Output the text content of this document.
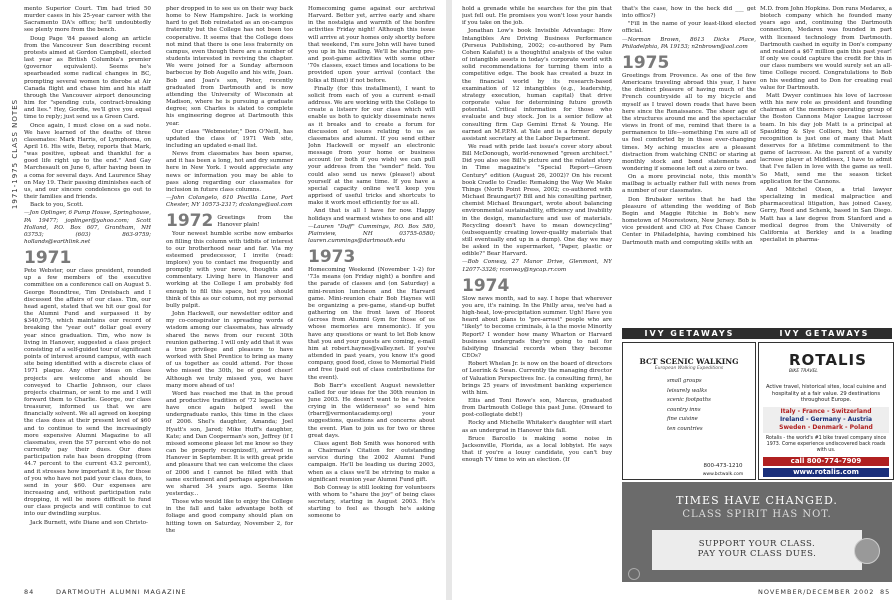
1971-1975 CLASS NOTES

mento Superior Court. Tim had tried 50 murder cases in his 25-year career with the Sacramento DA's office; he'll undoubtedly see plenty more from the bench.

Doug Page '84 passed along an article from the Vancouver Sun describing recent protests aimed at Gordon Campbell, elected last year as British Columbia's premier (governor equivalent). Seems he's spearheaded some radical changes in BC, prompting several women to disrobe at Air Canada flight and chase him and his staff through the Vancouver airport denouncing him for "spending cuts, contract-breaking and lies." Hey, Gordie, we'll give you equal time to reply; just send us a Green Card.

Once again, I must close on a sad note. We have learned of the deaths of three classmates: Mark Harris, of Lymphoma, on April 16. His wife, Betsy, reports that Mark, "was positive, upbeat and thankful for a good life right up to the end." And Gay Marchesault on June 6, after having been in a coma for several days. And Laurence Shay on May 19. Their passing diminishes each of us, and our sincere condolences go out to their families and friends.

Back to you, Scott.

—Jon Oplinger, 6 Pump House, Springhouse, PA 19477; joplinger@yahoo.com; Scott Holland, P.O. Box 607, Grantham, NH 03753; (603) 863-9759; hollands@earthlink.net

1971

Pete Webster, our class president, rounded up a few members of the executive committee on a conference call on August 5. George Roundtree, Tim Dreisbach and I discussed the affairs of our class. Tim, our head agent, stated that we hit our goal for the Alumni Fund and surpassed it by $340,075, which maintains our record of breaking the "year out" dollar goal every year since graduation. Tim, who now is living in Hanover, suggested a class project consisting of a self-guided tour of significant points of interest around campus, with each site being identified with a discrete class of 1971 plaque. Any other ideas on class projects are welcome and should be conveyed to Charlie Johnson, our class projects chairman, or sent to me and I will forward them to Charlie. George, our class treasurer, informed us that we are financially solvent. We all agreed on keeping the class dues at their present level of $60 and to continue to send the increasingly more expensive Alumni Magazine to all classmates, even the 57 percent who do not currently pay their dues. Our dues participation rate has been dropping (from 44.7 percent to the current 43.2 percent), and it stresses how important it is, for those of you who have not paid your class dues, to send in your $60. Our expenses are increasing and, without participation rate dropping, it will be more difficult to fund our class projects and will continue to cut into our dwindling surplus.

Jack Burnett, wife Diane and son Christo-

pher dropped in to see us on their way back home to New Hampshire. Jack is working hard to get Bob reinstated as an on-campus fraternity but the College has not been too cooperative. It seems that the College does not mind that there is one less fraternity on campus, even though there are a number of students interested in reviving the chapter. We were joined for a Sunday afternoon barbecue by Bob Augello and his wife, Joan. Bob and Joan's son, Peter, recently graduated from Dartmouth and is now attending the University of Wisconsin at Madison, where he is pursuing a graduate degree; son Charles is slated to complete his engineering degree at Dartmouth this year.

Our class "Webmeister," Don O'Neill, has updated the class of 1971 Web site, including an updated e-mail list.

News from classmates has been sparse, and it has been a long, hot and dry summer here in New York. I would appreciate any news or information you may be able to pass along regarding our classmates for inclusion in future class columns.

—John Colangelo, 610 Piscilla Lane, Port Chester, NY 10573-2317; dcolange@aol.com

1972 Greetings from the Hanover plain!

Your newest humble scribe now embarks on filling this column with tidbits of interest to our brotherhood near and far. Via my esteemed predecessor, I invite (read: implore) you to contact me frequently and promptly with your news, thoughts and commentary. Living here in Hanover and working at the College I am probably fed enough to fill this space, but you should think of this as our column, not my personal bully pulpit.

John Hackwell, our newsletter editor and my co-conspirator in spreading words of wisdom among our classmates, has already shared the news from our recent 30th reunion gathering. I will only add that it was a true privilege and pleasure to have worked with Shel Prentice to bring as many of us together as could attend. For those who missed the 30th, be of good cheer! Although we truly missed you, we have many more ahead of us!

Word has reached me that in the proud and productive tradition of '72 legacies we have once again helped swell the undergraduate ranks, this time in the class of 2006. Shel's daughter, Amanda; Joel Hyatt's son, Jared; Mike Huff's daughter, Kate; and Dan Cooperman's son, Jeffrey (if I missed someone please let me know so they can be properly recognized!), arrived in Hanover in September. It is with great pride and pleasure that we can welcome the class of 2006 and I cannot be filled with that same excitement and perhaps apprehension we shared 34 years ago. Seems like yesterday...

Those who would like to enjoy the College in the fall and take advantage both of foliage and good company should plan on hitting town on Saturday, November 2, for the

Homecoming game against our archrival Harvard. Better yet, arrive early and share in the nostalgia and warmth of the bonfire activities Friday night! Although this issue will arrive at your homes only shortly before that weekend, I'm sure John will have tuned you up in his mailing. We'll be sharing pre- and post-game activities with some other '70s classes, exact times and locations to be provided upon your arrival (contact the folks at Blunt) if not before.

Finally (for this installment), I want to solicit from each of you a current e-mail address. We are working with the College to create a listserv for our class which will enable us both to quickly disseminate news as it breaks and to create a forum for discussion of issues relating to us as classmates and alumni. If you send either John Hackwell or myself an electronic message from your home or business account (or both if you wish) we can pull your address from the "sender" field. You could also send us news (please!) about yourself at the same time. If you have a special capacity online we'll keep you apprised of useful tricks and shortcuts to make it work most efficiently for us all.

And that is all I have for now. Happy holidays and warmest wishes to one and all!

—Lauren "Duff" Cummings, P.O. Box 580, Plainview, NH 03755-0580; lauren.cummings@dartmouth.edu

1973

Homecoming Weekend (November 1-2) for '73s means (on Friday night) a bonfire and the parade of classes and (on Saturday) a mini-reunion luncheon and the Harvard game. Mini-reunion chair Bob Haynes will be organizing a pre-game, stand-up buffet gathering on the front lawn of Heorot (across from Alumni Gym for those of us whose memories are mnemonic). If you have any questions or want to let Bob know that you and your guests are coming, e-mail him at robert.haynes@valley.net. If you've attended in past years, you know it's good company, good food, close to Memorial Field and free (paid out of class contributions for the event).

Bob Barr's excellent August newsletter called for our ideas for the 30th reunion in June 2003. He doesn't want to be a "voice crying in the wilderness" so send him (rbarr@vermontacademy.org) your suggestions, questions and concerns about the event. Plan to join us for two or three great days.

Class agent Bob Smith was honored with a Chairman's Citation for outstanding service during the 2002 Alumni Fund campaign. He'll be leading us during 2003, when as a class we'll be striving to make a significant reunion year Alumni Fund gift.

Bob Conway is still looking for volunteers with whom to "share the joy" of being class secretary, starting in August 2003. He's starting to feel as though he's asking someone to

84	DARTMOUTH ALUMNI MAGAZINE

hold a grenade while he searches for the pin that just fell out. He promises you won't lose your hands if you take on the job.

Jonathan Low's book Invisible Advantage: How Intangibles Are Driving Business Performance (Perseus Publishing, 2002; co-authored by Pam Cohen Kalafut) is a thoughtful analysis of the value of intangible assets in today's corporate world with solid recommendations for turning them into a competitive edge. The book has created a buzz in the financial world by its research-based examination of 12 intangibles (e.g., leadership, strategy execution, human capital) that drive corporate value for determining future growth potential. Critical information for those who evaluate and buy stock. Jon is a senior fellow at consulting firm Cap Gemini Ernst & Young. He earned an M.P.P.M. at Yale and is a former deputy assistant secretary at the Labor Department.

We read with pride last issue's cover story about Bill McDonough, world-renowned "green architect." Did you also see Bill's picture and the related story in Time magazine's "Special Report—Green Century" edition (August 26, 2002)? On his recent book Cradle to Cradle: Remaking the Way We Make Things (North Point Press, 2002; co-authored with Michael Braungart)? Bill and his consulting partner, chemist Michael Braungart, wrote about balancing environmental sustainability, efficiency and livability in the design, manufacture and use of materials. Recycling doesn't have to mean downcycling" (subsequently creating lower-quality materials that still eventually end up in a dump). One day we may be asked in the supermarket, "Paper, plastic or edible?" Bear Harvard.

—Bob Conway, 27 Manor Drive, Glenmont, NY 12077-3326; rconway@nycap.rr.com

1974

Slow news month, sad to say. I hope that wherever you are, it's raining. In the Philly area, we've had a high-heat, low-precipitation summer. Ugh! Have you heard about plans to "pre-arrest" people who are "likely" to become criminals, à la the movie Minority Report? I wonder how many Wharton or Harvard business undergrads they're going to nail for falsifying financial records when they become CEOs?

Robert Whelan Jr. is now on the board of directors of Leerink & Swan. Currently the managing director of Valuation Perspectives Inc. (a consulting firm), he brings 25 years of investment banking experience with him.

Ellis and Toni Rowe's son, Marcus, graduated from Dartmouth College this past June. (Onward to post-collegiate debt!)

Rocky and Michelle Whitaker's daughter will start as an undergrad in Hanover this fall.

Bruce Barcello is making some noise in Jacksonville, Florida, as a local lobbyist. He says that if you're a lousy candidate, you can't buy enough TV time to win an election. (If

that's the case, how in the heck did ___ get into office?)

"Fill in the name of your least-liked elected official.

—Norman Brown, 8613 Dicks Place, Philadelphia, PA 19153; n2nbrown@aol.com

1975

Greetings from Provence. As one of the few Americans traveling abroad this year, I have the distinct pleasure of having much of the French countryside all to my bicycle and myself as I travel down roads that have been here since the Renaissance. The sheer age of the structures around me and the spectacular views in front of me, remind that there is a permanence to life—something I'm sure all of us feel comforted by in these ever-changing times. My aching muscles are a pleasant distraction from watching CNBC or staring at monthly stock and bond statements and wondering if someone left out a zero or two.

On a more provincial note, this month's mailbag is actually rather full with news from a number of our classmates.

Don Brubaker writes that he had the pleasure of attending the wedding of Bob Begin and Maggie Ritchie in Bob's new hometown of Moorestown, New Jersey. Bob is vice president and CIO at Fox Chase Cancer Center in Philadelphia, having combined his Dartmouth math and computing skills with an

M.D. from John Hopkins. Don runs Medarex, a biotech company which he founded many years ago and, continuing the Dartmouth connection, Medarex was founded in part with licensed technology from Dartmouth. Dartmouth cashed in equity in Don's company and realized a $67 million gain this past year! If only we could capture the credit for this in our class numbers we would surely set an all-time College record. Congratulations to Bob on his wedding and to Don for creating real value for Dartmouth.

Matt Dwyer continues his love of lacrosse with his new role as president and founding chairman of the members operating group of the Boston Cannons Major League lacrosse team. In his day job Matt is a principal at Spaulding & Slye Colliers, but this latest recognition is just one of many that Matt deserves for a lifetime commitment to the game of lacrosse. As the parent of a varsity lacrosse player at Middlesex, I have to admit that I've fallen in love with the game as well. So Matt, send me the season ticket application for the Cannons.

And Mitchel Olson, a trial lawyer specializing in medical malpractice and pharmaceutical litigation, has joined Casey, Gerry, Reed and Schenk, based in San Diego. Matt has a law degree from Stanford and a medical degree from the University of California at Berkley and is a leading specialist in pharma-

IVY GETAWAYS	IVY GETAWAYS
BCT SCENIC WALKING
European Walking Expeditions
small groups
leisurely walks
scenic footpaths
country inns
fine cuisine
ten countries
800-473-1210
www.bctwalk.com
ROTALIS
BIKE TRAVEL
Active travel, historical sites, local cuisine and hospitality at a fair value. 29 destinations throughout Europe.
Italy - France - Switzerland
Ireland - Germany - Austria
Sweden - Denmark - Poland
Rotalis - the world's #1 bike travel company since 1973. Come experience undiscovered back roads with us.
call 800-774-7909
www.rotalis.com
TIMES HAVE CHANGED.
CLASS SPIRIT HAS NOT.
SUPPORT YOUR CLASS.
PAY YOUR CLASS DUES.
NOVEMBER/DECEMBER 2002 85
